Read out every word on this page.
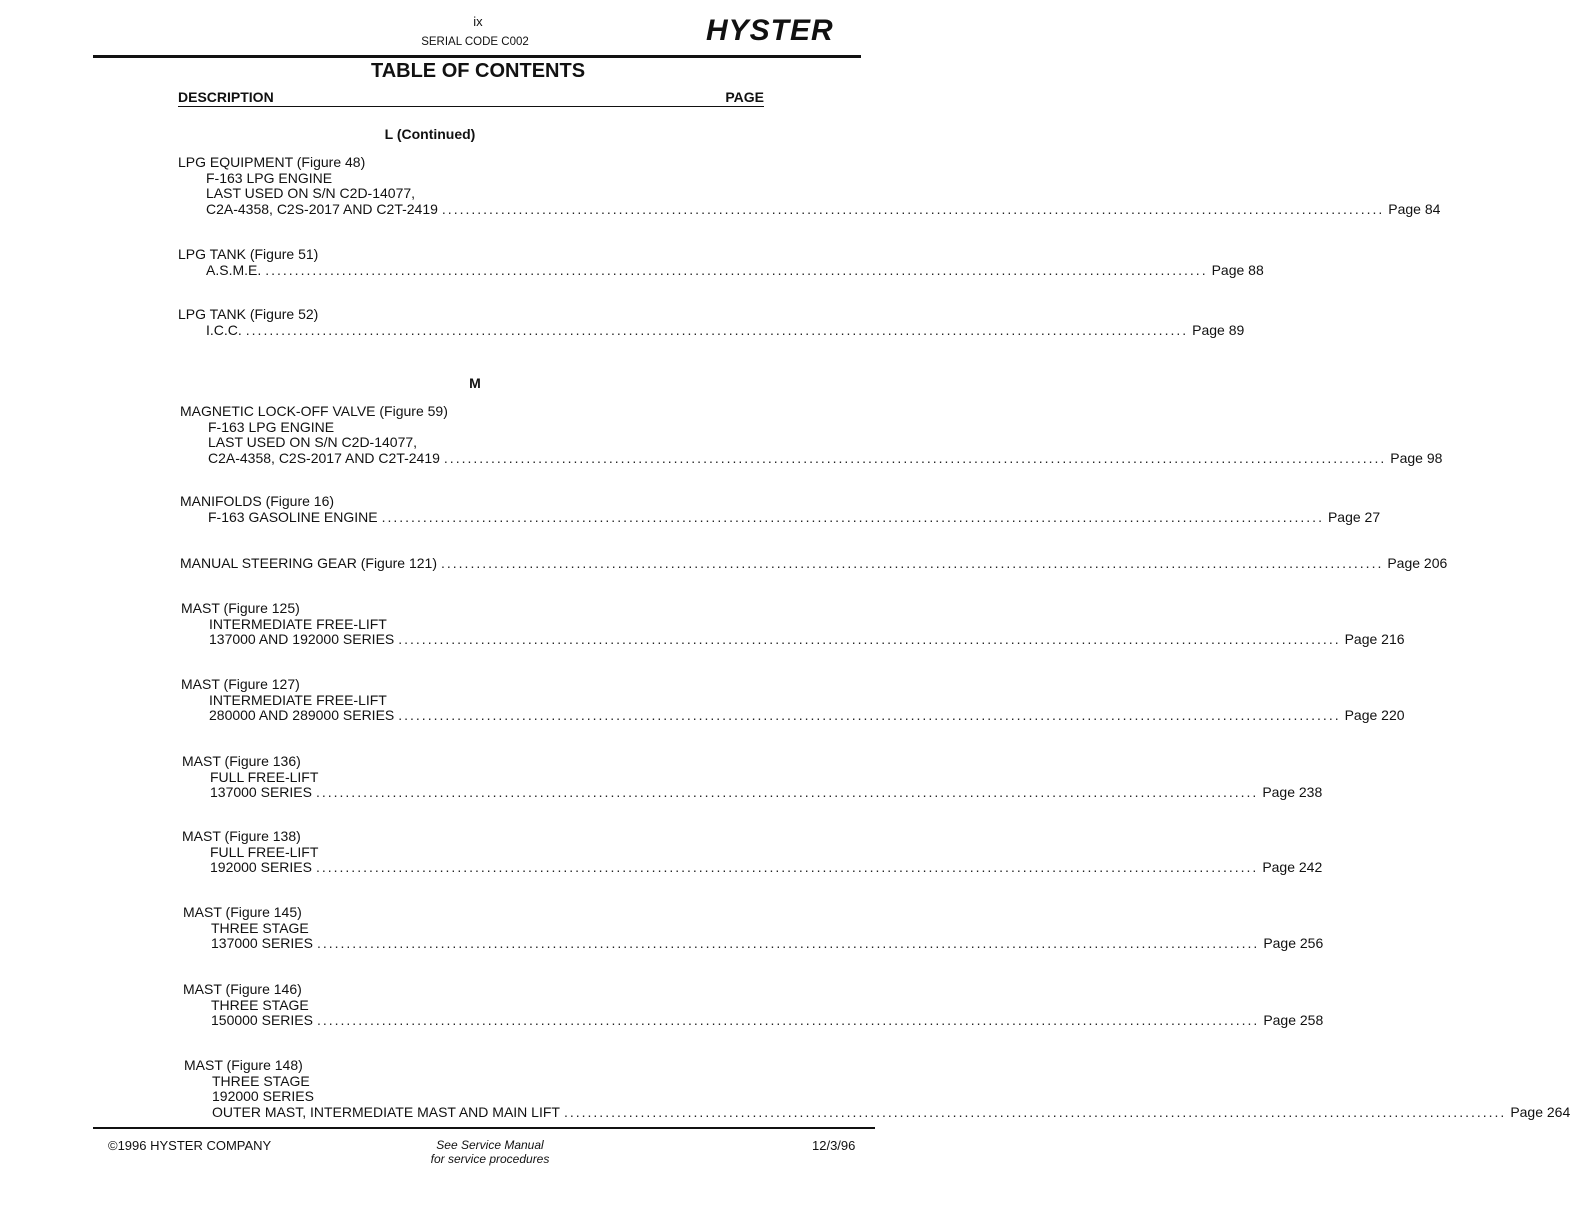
ix
SERIAL CODE C002	HYSTER
TABLE OF CONTENTS
DESCRIPTION	PAGE
L (Continued)
M
LPG EQUIPMENT (Figure 48)
F-163 LPG ENGINE
LAST USED ON S/N C2D-14077,
C2A-4358, C2S-2017 AND C2T-2419 ................................................................................................................................................................ Page 84
LPG TANK (Figure 51)
A.S.M.E. ................................................................................................................................................................ Page 88
LPG TANK (Figure 52)
I.C.C. ................................................................................................................................................................ Page 89
MAGNETIC LOCK-OFF VALVE (Figure 59)
F-163 LPG ENGINE
LAST USED ON S/N C2D-14077,
C2A-4358, C2S-2017 AND C2T-2419 ................................................................................................................................................................ Page 98
MANIFOLDS (Figure 16)
F-163 GASOLINE ENGINE ................................................................................................................................................................ Page 27
MANUAL STEERING GEAR (Figure 121) ................................................................................................................................................................ Page 206
MAST (Figure 125)
INTERMEDIATE FREE-LIFT
137000 AND 192000 SERIES ................................................................................................................................................................ Page 216
MAST (Figure 127)
INTERMEDIATE FREE-LIFT
280000 AND 289000 SERIES ................................................................................................................................................................ Page 220
MAST (Figure 136)
FULL FREE-LIFT
137000 SERIES ................................................................................................................................................................ Page 238
MAST (Figure 138)
FULL FREE-LIFT
192000 SERIES ................................................................................................................................................................ Page 242
MAST (Figure 145)
THREE STAGE
137000 SERIES ................................................................................................................................................................ Page 256
MAST (Figure 146)
THREE STAGE
150000 SERIES ................................................................................................................................................................ Page 258
MAST (Figure 148)
THREE STAGE
192000 SERIES
OUTER MAST, INTERMEDIATE MAST AND MAIN LIFT ................................................................................................................................................................ Page 264
©1996 HYSTER COMPANY	See Service Manual
for service procedures
12/3/96
